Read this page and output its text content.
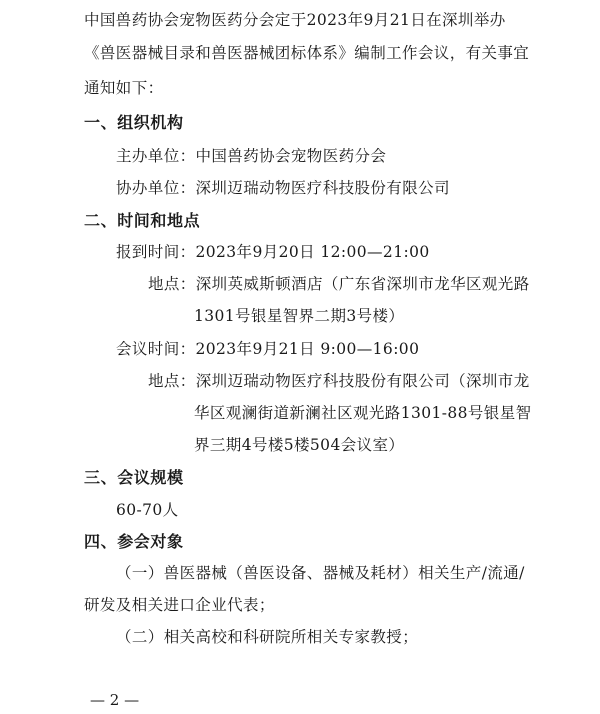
中国兽药协会宠物医药分会定于2023年9月21日在深圳举办
《兽医器械目录和兽医器械团标体系》编制工作会议，有关事宜
通知如下：
一、组织机构
主办单位：中国兽药协会宠物医药分会
协办单位：深圳迈瑞动物医疗科技股份有限公司
二、时间和地点
报到时间：2023年9月20日 12:00—21:00
地点：深圳英威斯顿酒店（广东省深圳市龙华区观光路
1301号银星智界二期3号楼）
会议时间：2023年9月21日 9:00—16:00
地点：深圳迈瑞动物医疗科技股份有限公司（深圳市龙
华区观澜街道新澜社区观光路1301-88号银星智
界三期4号楼5楼504会议室）
三、会议规模
60-70人
四、参会对象
（一）兽医器械（兽医设备、器械及耗材）相关生产/流通/
研发及相关进口企业代表；
（二）相关高校和科研院所相关专家教授；
— 2 —
